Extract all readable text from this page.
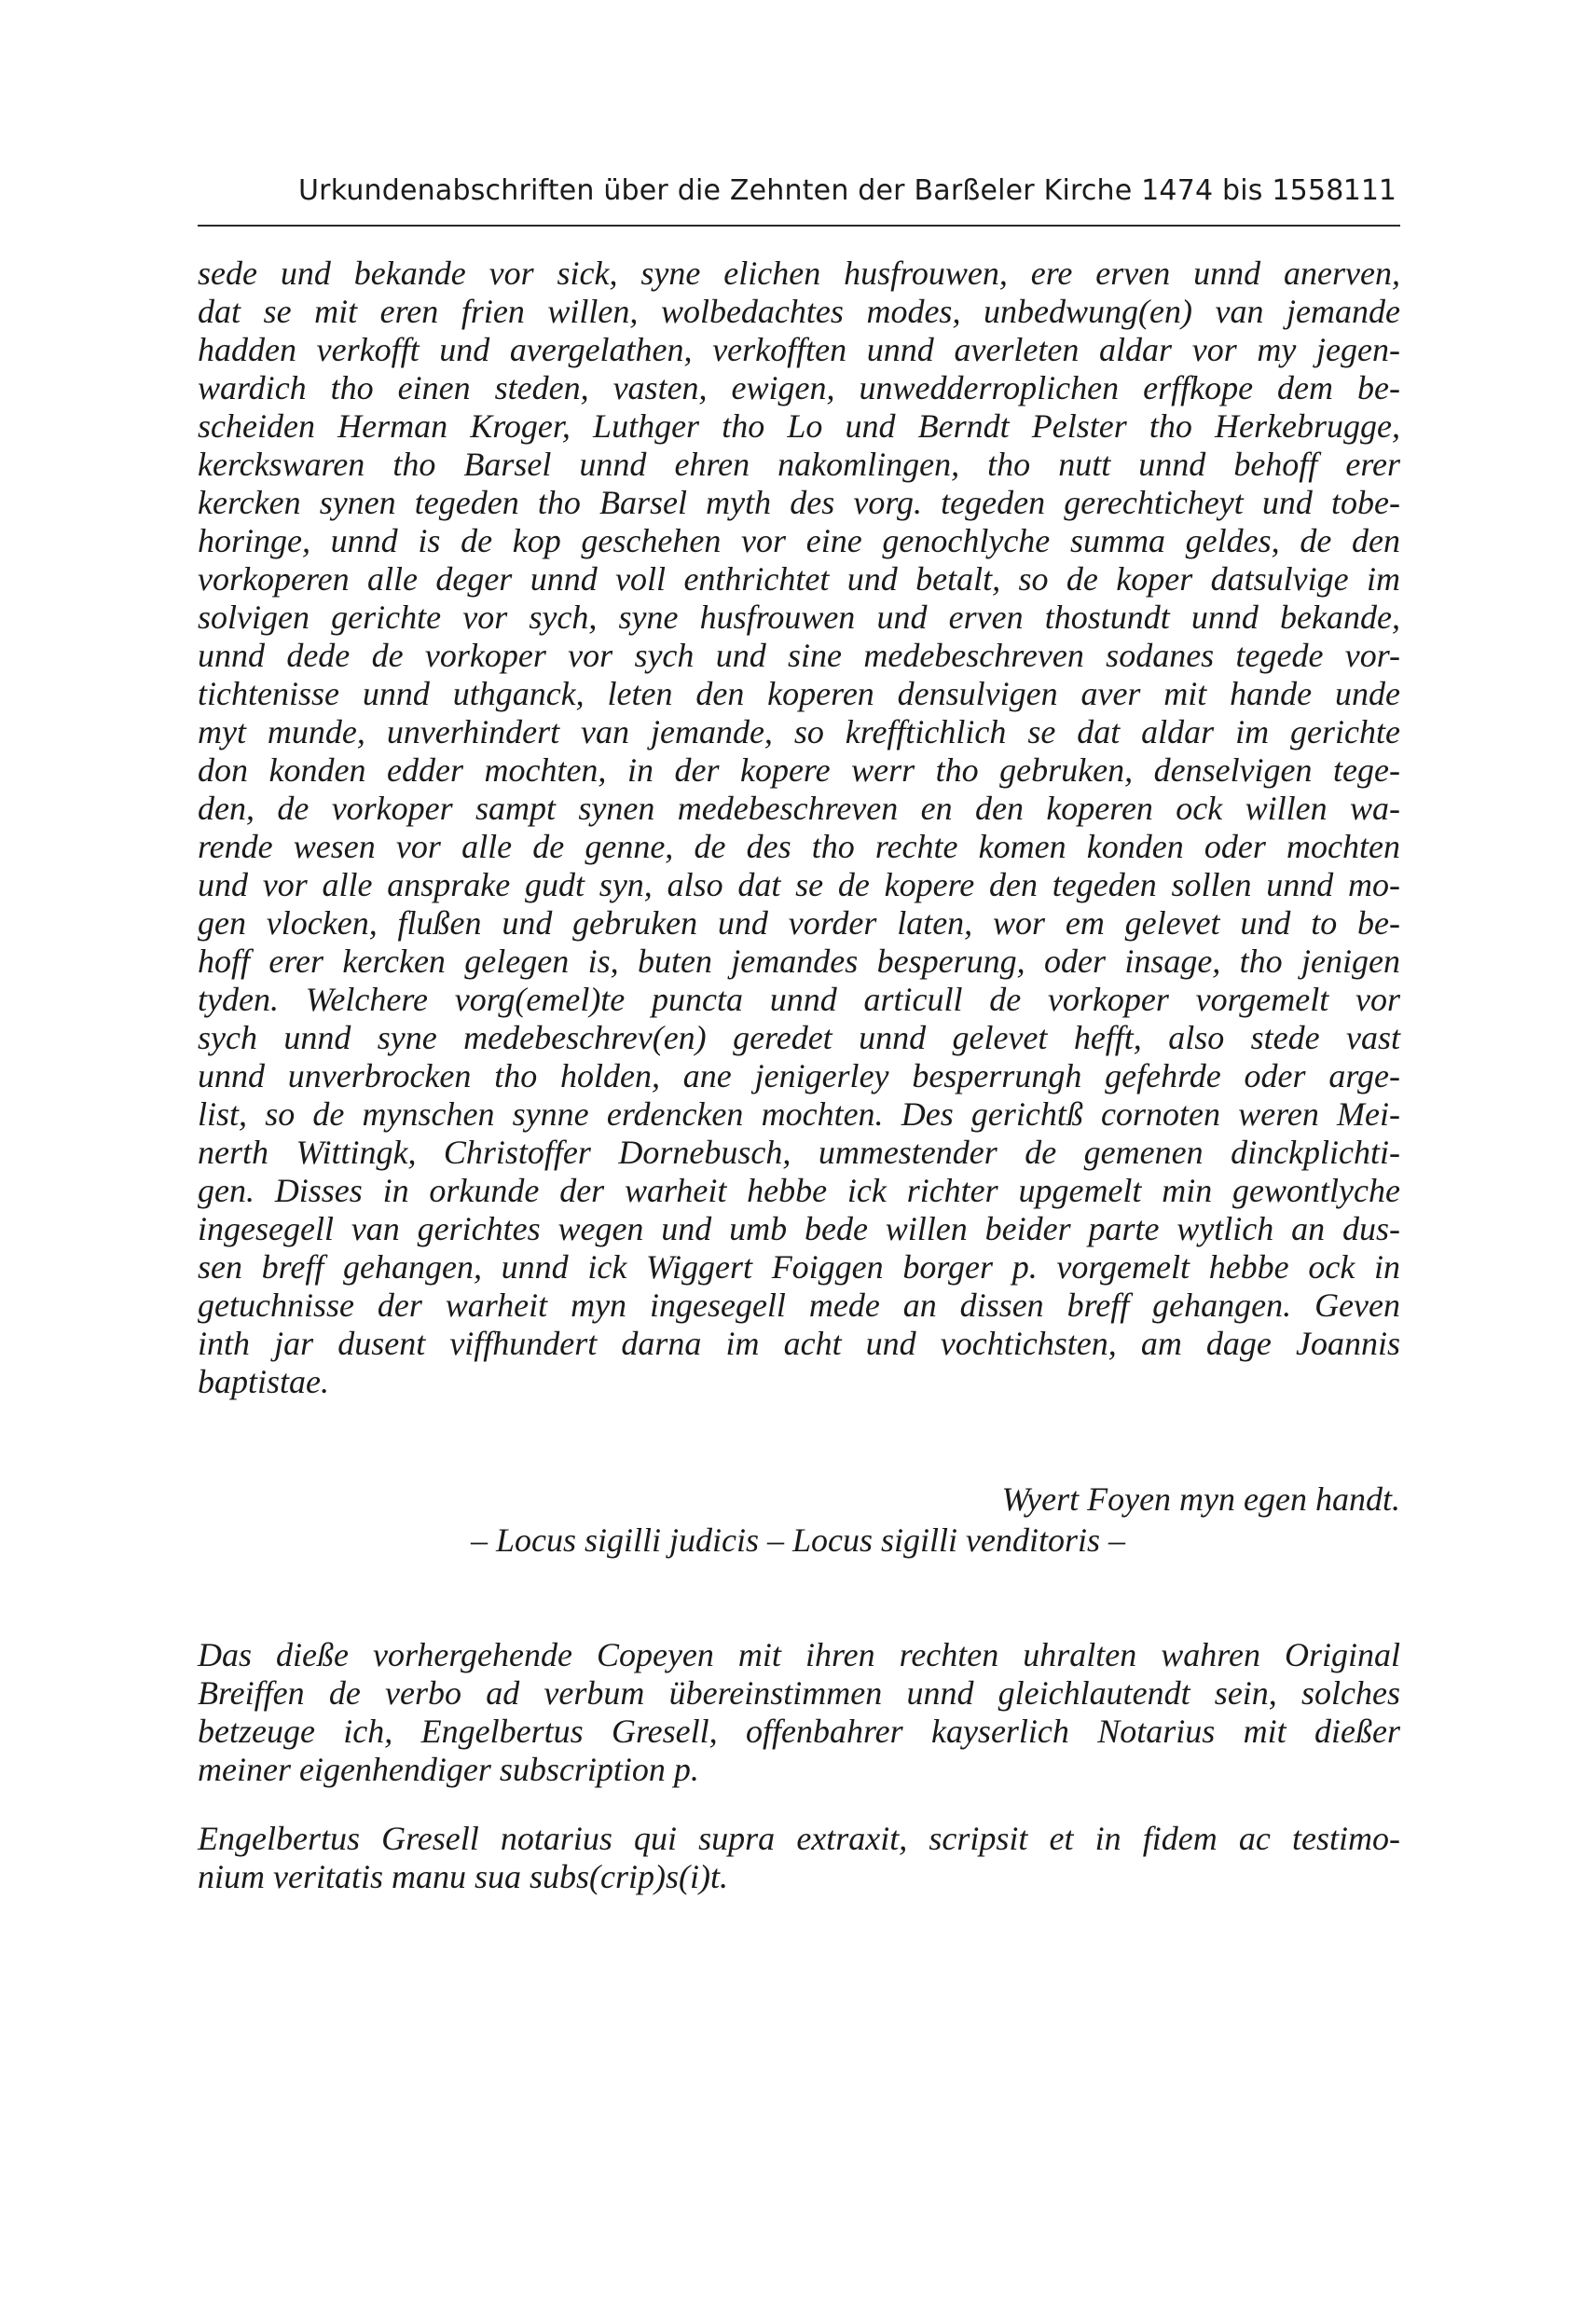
Urkundenabschriften über die Zehnten der Barßeler Kirche 1474 bis 1558 111
sede und bekande vor sick, syne elichen husfrouwen, ere erven unnd anerven,
dat se mit eren frien willen, wolbedachtes modes, unbedwung(en) van jemande
hadden verkofft und avergelathen, verkofften unnd averleten aldar vor my jegen-
wardich tho einen steden, vasten, ewigen, unwedderroplichen erffkope dem be-
scheiden Herman Kroger, Luthger tho Lo und Berndt Pelster tho Herkebrugge,
kerckswaren tho Barsel unnd ehren nakomlingen, tho nutt unnd behoff erer
kercken synen tegeden tho Barsel myth des vorg. tegeden gerechticheyt und tobe-
horinge, unnd is de kop geschehen vor eine genochlyche summa geldes, de den
vorkoperen alle deger unnd voll enthrichtet und betalt, so de koper datsulvige im
solvigen gerichte vor sych, syne husfrouwen und erven thostundt unnd bekande,
unnd dede de vorkoper vor sych und sine medebeschreven sodanes tegede vor-
tichtenisse unnd uthganck, leten den koperen densulvigen aver mit hande unde
myt munde, unverhindert van jemande, so krefftichlich se dat aldar im gerichte
don konden edder mochten, in der kopere werr tho gebruken, denselvigen tege-
den, de vorkoper sampt synen medebeschreven en den koperen ock willen wa-
rende wesen vor alle de genne, de des tho rechte komen konden oder mochten
und vor alle ansprake gudt syn, also dat se de kopere den tegeden sollen unnd mo-
gen vlocken, flußen und gebruken und vorder laten, wor em gelevet und to be-
hoff erer kercken gelegen is, buten jemandes besperung, oder insage, tho jenigen
tyden. Welchere vorg(emel)te puncta unnd articull de vorkoper vorgemelt vor
sych unnd syne medebeschrev(en) geredet unnd gelevet hefft, also stede vast
unnd unverbrocken tho holden, ane jenigerley besperrungh gefehrde oder arge-
list, so de mynschen synne erdencken mochten. Des gerichtß cornoten weren Mei-
nerth Wittingk, Christoffer Dornebusch, ummestender de gemenen dinckplichti-
gen. Disses in orkunde der warheit hebbe ick richter upgemelt min gewontlyche
ingesegell van gerichtes wegen und umb bede willen beider parte wytlich an dus-
sen breff gehangen, unnd ick Wiggert Foiggen borger p. vorgemelt hebbe ock in
getuchnisse der warheit myn ingesegell mede an dissen breff gehangen. Geven
inth jar dusent viffhundert darna im acht und vochtichsten, am dage Joannis
baptistae.
Wyert Foyen myn egen handt.
– Locus sigilli judicis – Locus sigilli venditoris –
Das dieße vorhergehende Copeyen mit ihren rechten uhralten wahren Original
Breiffen de verbo ad verbum übereinstimmen unnd gleichlautendt sein, solches
betzeuge ich, Engelbertus Gresell, offenbahrer kayserlich Notarius mit dießer
meiner eigenhendiger subscription p.
Engelbertus Gresell notarius qui supra extraxit, scripsit et in fidem ac testimo-
nium veritatis manu sua subs(crip)s(i)t.
